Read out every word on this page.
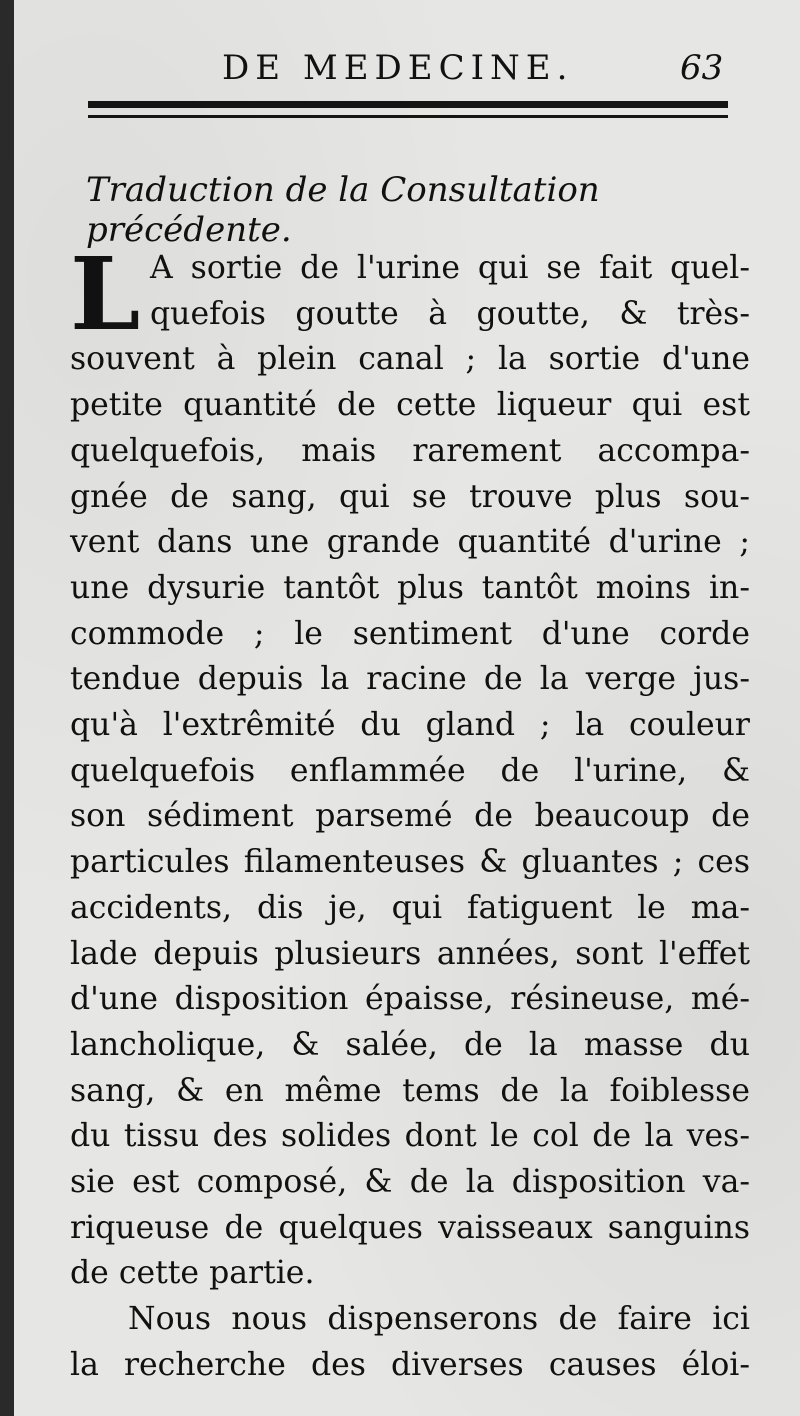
DE MEDECINE.	63
Traduction de la Consultation précédente.
L A sortie de l'urine qui se fait quel-
quefois goutte à goutte, & très-
souvent à plein canal ; la sortie d'une
petite quantité de cette liqueur qui est
quelquefois, mais rarement accompa-
gnée de sang, qui se trouve plus sou-
vent dans une grande quantité d'urine ;
une dysurie tantôt plus tantôt moins in-
commode ; le sentiment d'une corde
tendue depuis la racine de la verge jus-
qu'à l'extrêmité du gland ; la couleur
quelquefois enflammée de l'urine, &
son sédiment parsemé de beaucoup de
particules filamenteuses & gluantes ; ces
accidents, dis je, qui fatiguent le ma-
lade depuis plusieurs années, sont l'effet
d'une disposition épaisse, résineuse, mé-
lancholique, & salée, de la masse du
sang, & en même tems de la foiblesse
du tissu des solides dont le col de la ves-
sie est composé, & de la disposition va-
riqueuse de quelques vaisseaux sanguins
de cette partie.
Nous nous dispenserons de faire ici
la recherche des diverses causes éloi-
